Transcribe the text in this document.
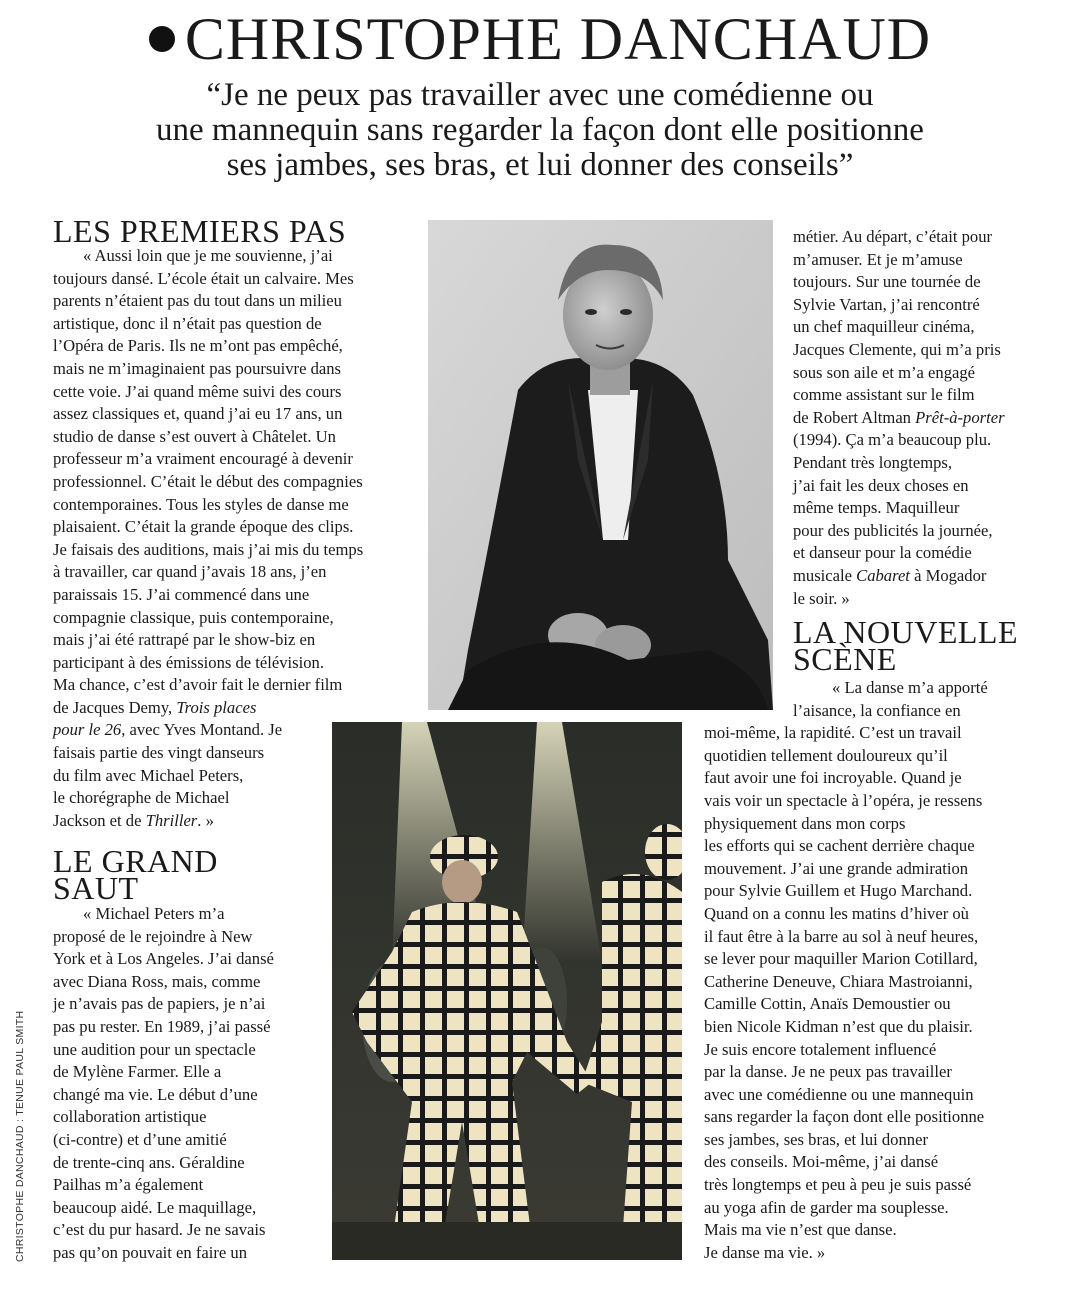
CHRISTOPHE DANCHAUD
“Je ne peux pas travailler avec une comédienne ou
une mannequin sans regarder la façon dont elle positionne
ses jambes, ses bras, et lui donner des conseils”
LES PREMIERS PAS

« Aussi loin que je me souvienne, j’ai

toujours dansé. L’école était un calvaire. Mes

parents n’étaient pas du tout dans un milieu

artistique, donc il n’était pas question de

l’Opéra de Paris. Ils ne m’ont pas empêché,

mais ne m’imaginaient pas poursuivre dans

cette voie. J’ai quand même suivi des cours

assez classiques et, quand j’ai eu 17 ans, un

studio de danse s’est ouvert à Châtelet. Un

professeur m’a vraiment encouragé à devenir

professionnel. C’était le début des compagnies

contemporaines. Tous les styles de danse me

plaisaient. C’était la grande époque des clips.

Je faisais des auditions, mais j’ai mis du temps

à travailler, car quand j’avais 18 ans, j’en

paraissais 15. J’ai commencé dans une

compagnie classique, puis contemporaine,

mais j’ai été rattrapé par le show-biz en

participant à des émissions de télévision.

Ma chance, c’est d’avoir fait le dernier film

de Jacques Demy, Trois places

pour le 26, avec Yves Montand. Je

faisais partie des vingt danseurs

du film avec Michael Peters,

le chorégraphe de Michael

Jackson et de Thriller. »

LE GRAND
SAUT

« Michael Peters m’a

proposé de le rejoindre à New

York et à Los Angeles. J’ai dansé

avec Diana Ross, mais, comme

je n’avais pas de papiers, je n’ai

pas pu rester. En 1989, j’ai passé

une audition pour un spectacle

de Mylène Farmer. Elle a

changé ma vie. Le début d’une

collaboration artistique

(ci-contre) et d’une amitié

de trente-cinq ans. Géraldine

Pailhas m’a également

beaucoup aidé. Le maquillage,

c’est du pur hasard. Je ne savais

pas qu’on pouvait en faire un

métier. Au départ, c’était pour

m’amuser. Et je m’amuse

toujours. Sur une tournée de

Sylvie Vartan, j’ai rencontré

un chef maquilleur cinéma,

Jacques Clemente, qui m’a pris

sous son aile et m’a engagé

comme assistant sur le film

de Robert Altman Prêt-à-porter

(1994). Ça m’a beaucoup plu.

Pendant très longtemps,

j’ai fait les deux choses en

même temps. Maquilleur

pour des publicités la journée,

et danseur pour la comédie

musicale Cabaret à Mogador

le soir. »

LA NOUVELLE
SCÈNE

« La danse m’a apporté

l’aisance, la confiance en

moi-même, la rapidité. C’est un travail

quotidien tellement douloureux qu’il

faut avoir une foi incroyable. Quand je

vais voir un spectacle à l’opéra, je ressens

physiquement dans mon corps

les efforts qui se cachent derrière chaque

mouvement. J’ai une grande admiration

pour Sylvie Guillem et Hugo Marchand.

Quand on a connu les matins d’hiver où

il faut être à la barre au sol à neuf heures,

se lever pour maquiller Marion Cotillard,

Catherine Deneuve, Chiara Mastroianni,

Camille Cottin, Anaïs Demoustier ou

bien Nicole Kidman n’est que du plaisir.

Je suis encore totalement influencé

par la danse. Je ne peux pas travailler

avec une comédienne ou une mannequin

sans regarder la façon dont elle positionne

ses jambes, ses bras, et lui donner

des conseils. Moi-même, j’ai dansé

très longtemps et peu à peu je suis passé

au yoga afin de garder ma souplesse.

Mais ma vie n’est que danse.

Je danse ma vie. »

CHRISTOPHE DANCHAUD : TENUE PAUL SMITH
